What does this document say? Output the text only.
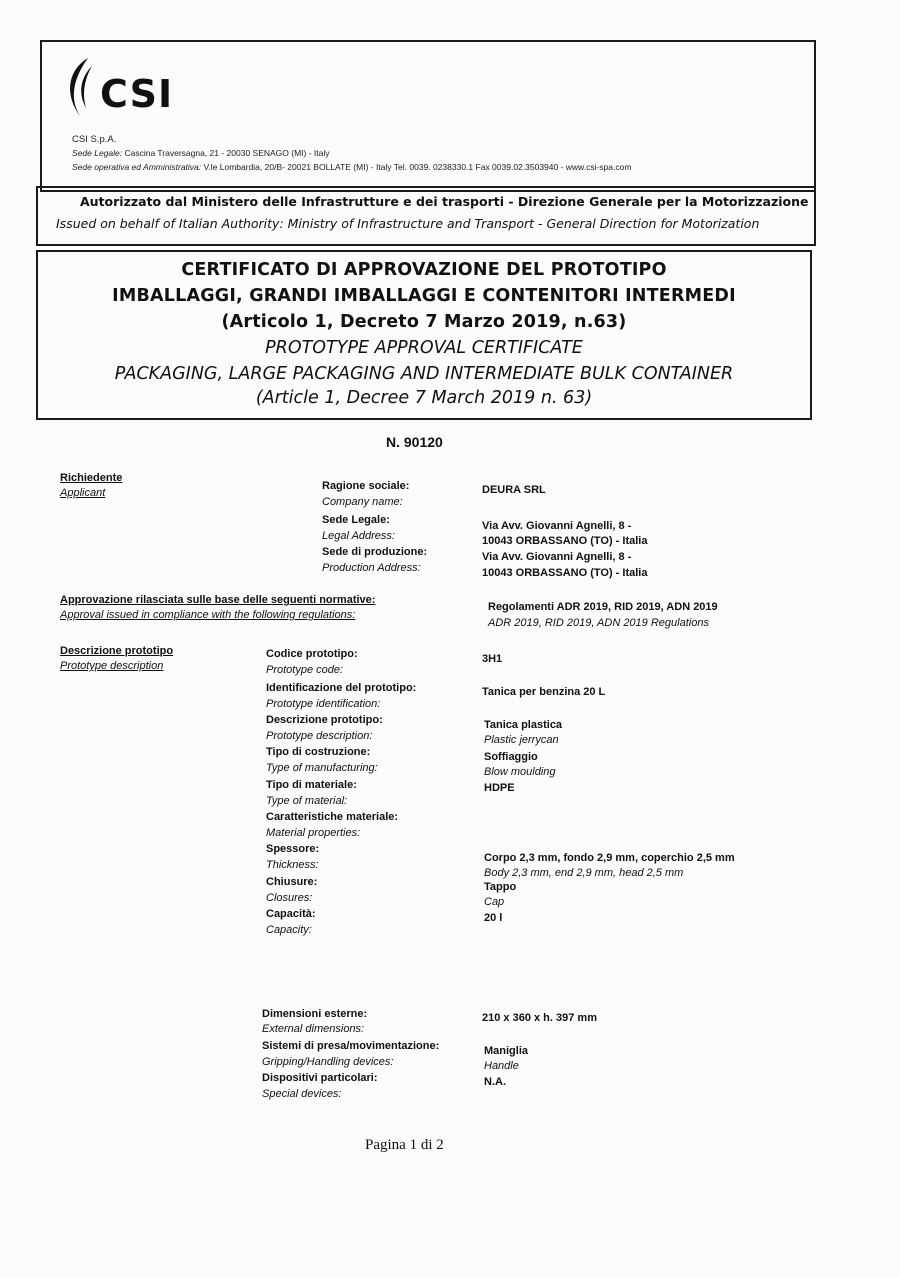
CSI
CSI S.p.A.
Sede Legale: Cascina Traversagna, 21 - 20030 SENAGO (MI) - Italy
Sede operativa ed Amministrativa: V.le Lombardia, 20/B- 20021 BOLLATE (MI) - Italy Tel. 0039. 0238330.1 Fax 0039.02.3503940 - www.csi-spa.com
Autorizzato dal Ministero delle Infrastrutture e dei trasporti - Direzione Generale per la Motorizzazione
Issued on behalf of Italian Authority: Ministry of Infrastructure and Transport - General Direction for Motorization
CERTIFICATO DI APPROVAZIONE DEL PROTOTIPO
IMBALLAGGI, GRANDI IMBALLAGGI E CONTENITORI INTERMEDI
(Articolo 1, Decreto 7 Marzo 2019, n.63)
PROTOTYPE APPROVAL CERTIFICATE
PACKAGING, LARGE PACKAGING AND INTERMEDIATE BULK CONTAINER
(Article 1, Decree 7 March 2019 n. 63)
N. 90120
Richiedente
Applicant
Ragione sociale:
Company name:
DEURA SRL
Sede Legale:
Legal Address:
Via Avv. Giovanni Agnelli, 8 -
10043 ORBASSANO (TO) - Italia
Sede di produzione:
Production Address:
Via Avv. Giovanni Agnelli, 8 -
10043 ORBASSANO (TO) - Italia
Approvazione rilasciata sulle base delle seguenti normative:
Approval issued in compliance with the following regulations:
Regolamenti ADR 2019, RID 2019, ADN 2019
ADR 2019, RID 2019, ADN 2019 Regulations
Descrizione prototipo
Prototype description
Codice prototipo:
Prototype code:
3H1
Identificazione del prototipo:
Prototype identification:
Tanica per benzina 20 L
Descrizione prototipo:
Prototype description:
Tanica plastica
Plastic jerrycan
Tipo di costruzione:
Type of manufacturing:
Soffiaggio
Blow moulding
Tipo di materiale:
Type of material:
HDPE
Caratteristiche materiale:
Material properties:
Spessore:
Thickness:
Corpo 2,3 mm, fondo 2,9 mm, coperchio 2,5 mm
Body 2,3 mm, end 2,9 mm, head 2,5 mm
Chiusure:
Closures:
Tappo
Cap
Capacità:
Capacity:
20 l
Dimensioni esterne:
External dimensions:
210 x 360 x h. 397 mm
Sistemi di presa/movimentazione:
Gripping/Handling devices:
Maniglia
Handle
Dispositivi particolari:
Special devices:
N.A.
Pagina 1 di 2
